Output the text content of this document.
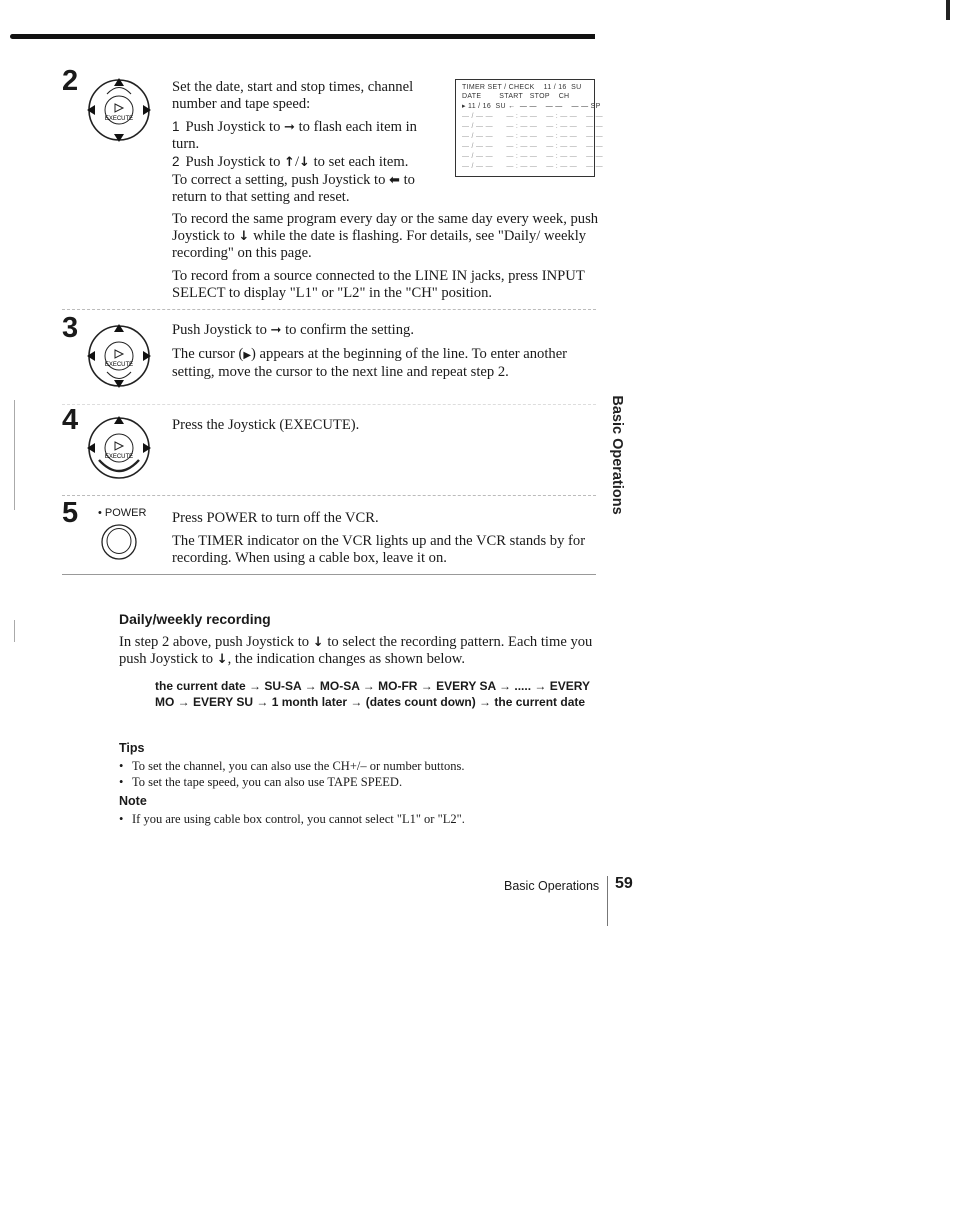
2
EXECUTE

Set the date, start and stop times, channel number and tape speed:

1 Push Joystick to ➞ to flash each item in turn.

2 Push Joystick to ↑/↓ to set each item.

To correct a setting, push Joystick to ⬅ to return to that setting and reset.

TIMER SET / CHECK 11 / 16  SU
DATE        START   STOP    CH
▸ 11 / 16  SU ←  — —    — —    — — SP
— / — —      — : — —    — : — —    — —
— / — —      — : — —    — : — —    — —
— / — —      — : — —    — : — —    — —
— / — —      — : — —    — : — —    — —
— / — —      — : — —    — : — —    — —
— / — —      — : — —    — : — —    — —

To record the same program every day or the same day every week, push Joystick to ↓ while the date is flashing. For details, see "Daily/ weekly recording" on this page.

To record from a source connected to the LINE IN jacks, press INPUT SELECT to display "L1" or "L2" in the "CH" position.

3
EXECUTE

Push Joystick to ➞ to confirm the setting.

The cursor (▶) appears at the beginning of the line. To enter another setting, move the cursor to the next line and repeat step 2.

4
EXECUTE

Press the Joystick (EXECUTE).

5 • POWER Press POWER to turn off the VCR.

The TIMER indicator on the VCR lights up and the VCR stands by for recording. When using a cable box, leave it on.

Basic Operations
Daily/weekly recording

In step 2 above, push Joystick to ↓ to select the recording pattern. Each time you push Joystick to ↓, the indication changes as shown below.

the current date → SU-SA → MO-SA → MO-FR → EVERY SA → ..... → EVERY MO → EVERY SU → 1 month later → (dates count down) → the current date

Tips

• To set the channel, you can also use the CH+/– or number buttons.

• To set the tape speed, you can also use TAPE SPEED.

Note

• If you are using cable box control, you cannot select "L1" or "L2".

Basic Operations 59
